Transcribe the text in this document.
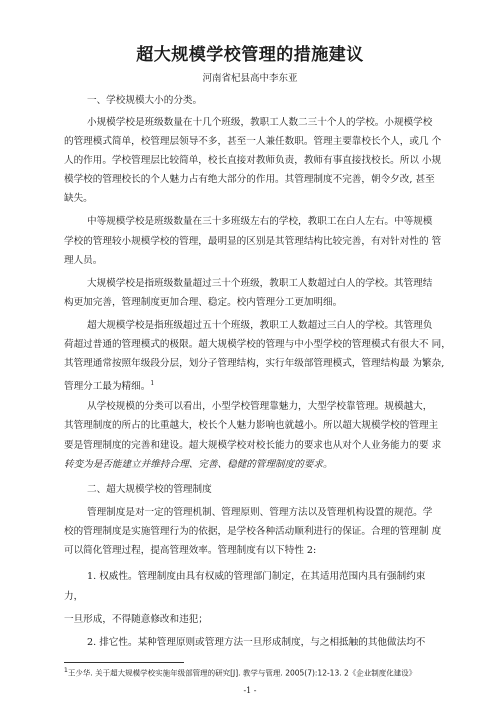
超大规模学校管理的措施建议
河南省杞县高中李东亚
一、学校规模大小的分类。
小规模学校是班级数量在十几个班级，教职工人数二三十个人的学校。小规模学校
的管理模式简单，校管理层领导不多，甚至一人兼任数职。管理主要靠校长个人，或几 个
人的作用。学校管理层比较简单，校长直接对教师负责，教师有事直接找校长。所以 小规
模学校的管理校长的个人魅力占有绝大部分的作用。其管理制度不完善，朝令夕改, 甚至
缺失。
中等规模学校是班级数量在三十多班级左右的学校，教职工在白人左右。中等规模
学校的管理较小规模学校的管理，最明显的区别是其管理结构比较完善，有对针对性的 管
理人员。
大规模学校是指班级数量超过三十个班级，教职工人数超过白人的学校。其管理结
构更加完善，管理制度更加合理、稳定。校内管理分工更加明细。
超大规模学校是指班级超过五十个班级，教职工人数超过三白人的学校。其管理负
荷超过普通的管理模式的极限。超大规模学校的管理与中小型学校的管理模式有很大不 同，
其管理通常按照年级段分层，划分子管理结构，实行年级部管理模式，管理结构最 为繁杂,
管理分工最为精细。$^1$
从学校规模的分类可以看出，小型学校管理靠魅力，大型学校靠管理。规模越大，
其管理制度的所占的比重越大，校长个人魅力影响也就越小。所以超大规模学校的管理主
要是管理制度的完善和建设。超大规模学校对校长能力的要求也从对个人业务能力的要 求
转变为是否能建立并维持合理、完善、稳健的管理制度的要求。
二、超大规模学校的管理制度
管理制度是对一定的管理机制、管理原则、管理方法以及管理机构设置的规范。学
校的管理制度是实施管理行为的依据，是学校各种活动顺利进行的保证。合理的管理制 度
可以简化管理过程，提高管理效率。管理制度有以下特性 2:
1. 权威性。管理制度由具有权威的管理部门制定，在其适用范围内具有强制约束
力，
一旦形成，不得随意修改和违犯；
2. 排它性。某种管理原则或管理方法一旦形成制度，与之相抵触的其他做法均不
$^1$王少华. 关于超大规模学校实施年级部管理的研究[J]. 教学与管理. 2005(7):12-13. 2《企业制度化建设》
-1 -
